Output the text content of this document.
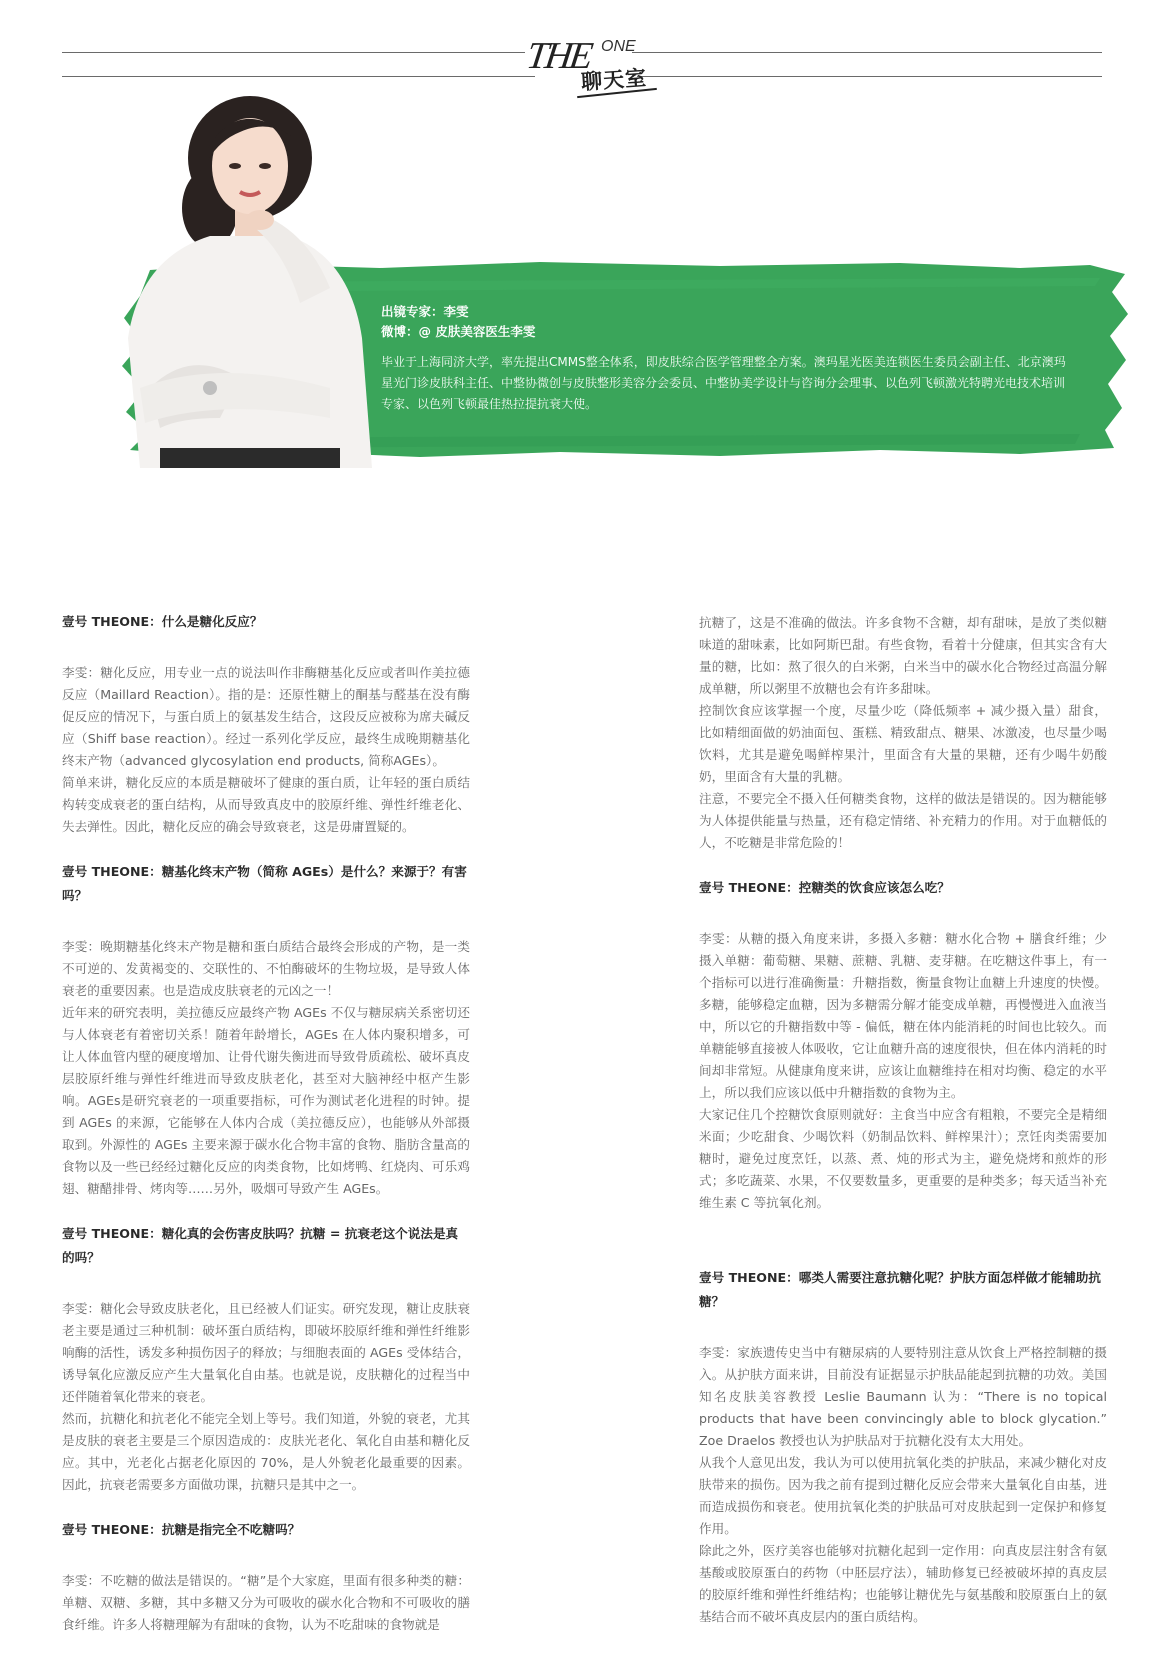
THE ONE
聊天室
出镜专家：李雯
微博：@ 皮肤美容医生李雯
毕业于上海同济大学，率先提出CMMS整全体系，即皮肤综合医学管理整全方案。澳玛星光医美连锁医生委员会副主任、北京澳玛星光门诊皮肤科主任、中整协微创与皮肤整形美容分会委员、中整协美学设计与咨询分会理事、以色列飞顿激光特聘光电技术培训专家、以色列飞顿最佳热拉提抗衰大使。

壹号 THEONE：什么是糖化反应？

李雯：糖化反应，用专业一点的说法叫作非酶糖基化反应或者叫作美拉德反应（Maillard Reaction）。指的是：还原性糖上的酮基与醛基在没有酶促反应的情况下，与蛋白质上的氨基发生结合，这段反应被称为席夫碱反应（Shiff base reaction）。经过一系列化学反应，最终生成晚期糖基化终末产物（advanced glycosylation end products, 简称AGEs）。

简单来讲，糖化反应的本质是糖破坏了健康的蛋白质，让年轻的蛋白质结构转变成衰老的蛋白结构，从而导致真皮中的胶原纤维、弹性纤维老化、失去弹性。因此，糖化反应的确会导致衰老，这是毋庸置疑的。

壹号 THEONE：糖基化终末产物（简称 AGEs）是什么？来源于？有害吗？

李雯：晚期糖基化终末产物是糖和蛋白质结合最终会形成的产物，是一类不可逆的、发黄褐变的、交联性的、不怕酶破坏的生物垃圾，是导致人体衰老的重要因素。也是造成皮肤衰老的元凶之一！

近年来的研究表明，美拉德反应最终产物 AGEs 不仅与糖尿病关系密切还与人体衰老有着密切关系！随着年龄增长，AGEs 在人体内聚积增多，可让人体血管内壁的硬度增加、让骨代谢失衡进而导致骨质疏松、破坏真皮层胶原纤维与弹性纤维进而导致皮肤老化，甚至对大脑神经中枢产生影响。AGEs是研究衰老的一项重要指标，可作为测试老化进程的时钟。提到 AGEs 的来源，它能够在人体内合成（美拉德反应），也能够从外部摄取到。外源性的 AGEs 主要来源于碳水化合物丰富的食物、脂肪含量高的食物以及一些已经经过糖化反应的肉类食物，比如烤鸭、红烧肉、可乐鸡翅、糖醋排骨、烤肉等……另外，吸烟可导致产生 AGEs。

壹号 THEONE：糖化真的会伤害皮肤吗？抗糖 = 抗衰老这个说法是真的吗？

李雯：糖化会导致皮肤老化，且已经被人们证实。研究发现，糖让皮肤衰老主要是通过三种机制：破坏蛋白质结构，即破坏胶原纤维和弹性纤维影响酶的活性，诱发多种损伤因子的释放；与细胞表面的 AGEs 受体结合，诱导氧化应激反应产生大量氧化自由基。也就是说，皮肤糖化的过程当中还伴随着氧化带来的衰老。

然而，抗糖化和抗老化不能完全划上等号。我们知道，外貌的衰老，尤其是皮肤的衰老主要是三个原因造成的：皮肤光老化、氧化自由基和糖化反应。其中，光老化占据老化原因的 70%，是人外貌老化最重要的因素。因此，抗衰老需要多方面做功课，抗糖只是其中之一。

壹号 THEONE：抗糖是指完全不吃糖吗？

李雯：不吃糖的做法是错误的。“糖”是个大家庭，里面有很多种类的糖：单糖、双糖、多糖，其中多糖又分为可吸收的碳水化合物和不可吸收的膳食纤维。许多人将糖理解为有甜味的食物，认为不吃甜味的食物就是

抗糖了，这是不准确的做法。许多食物不含糖，却有甜味，是放了类似糖味道的甜味素，比如阿斯巴甜。有些食物，看着十分健康，但其实含有大量的糖，比如：熬了很久的白米粥，白米当中的碳水化合物经过高温分解成单糖，所以粥里不放糖也会有许多甜味。

控制饮食应该掌握一个度，尽量少吃（降低频率 + 减少摄入量）甜食，比如精细面做的奶油面包、蛋糕、精致甜点、糖果、冰激凌，也尽量少喝饮料，尤其是避免喝鲜榨果汁，里面含有大量的果糖，还有少喝牛奶酸奶，里面含有大量的乳糖。

注意，不要完全不摄入任何糖类食物，这样的做法是错误的。因为糖能够为人体提供能量与热量，还有稳定情绪、补充精力的作用。对于血糖低的人，不吃糖是非常危险的！

壹号 THEONE：控糖类的饮食应该怎么吃？

李雯：从糖的摄入角度来讲，多摄入多糖：糖水化合物 + 膳食纤维；少摄入单糖：葡萄糖、果糖、蔗糖、乳糖、麦芽糖。在吃糖这件事上，有一个指标可以进行准确衡量：升糖指数，衡量食物让血糖上升速度的快慢。多糖，能够稳定血糖，因为多糖需分解才能变成单糖，再慢慢进入血液当中，所以它的升糖指数中等 - 偏低，糖在体内能消耗的时间也比较久。而单糖能够直接被人体吸收，它让血糖升高的速度很快，但在体内消耗的时间却非常短。从健康角度来讲，应该让血糖维持在相对均衡、稳定的水平上，所以我们应该以低中升糖指数的食物为主。

大家记住几个控糖饮食原则就好：主食当中应含有粗粮，不要完全是精细米面；少吃甜食、少喝饮料（奶制品饮料、鲜榨果汁）；烹饪肉类需要加糖时，避免过度烹饪，以蒸、煮、炖的形式为主，避免烧烤和煎炸的形式；多吃蔬菜、水果，不仅要数量多，更重要的是种类多；每天适当补充维生素 C 等抗氧化剂。

壹号 THEONE：哪类人需要注意抗糖化呢？护肤方面怎样做才能辅助抗糖？

李雯：家族遗传史当中有糖尿病的人要特别注意从饮食上严格控制糖的摄入。从护肤方面来讲，目前没有证据显示护肤品能起到抗糖的功效。美国知名皮肤美容教授 Leslie Baumann 认为：“There is no topical products that have been convincingly able to block glycation.” Zoe Draelos 教授也认为护肤品对于抗糖化没有太大用处。

从我个人意见出发，我认为可以使用抗氧化类的护肤品，来减少糖化对皮肤带来的损伤。因为我之前有提到过糖化反应会带来大量氧化自由基，进而造成损伤和衰老。使用抗氧化类的护肤品可对皮肤起到一定保护和修复作用。

除此之外，医疗美容也能够对抗糖化起到一定作用：向真皮层注射含有氨基酸或胶原蛋白的药物（中胚层疗法），辅助修复已经被破坏掉的真皮层的胶原纤维和弹性纤维结构；也能够让糖优先与氨基酸和胶原蛋白上的氨基结合而不破坏真皮层内的蛋白质结构。
